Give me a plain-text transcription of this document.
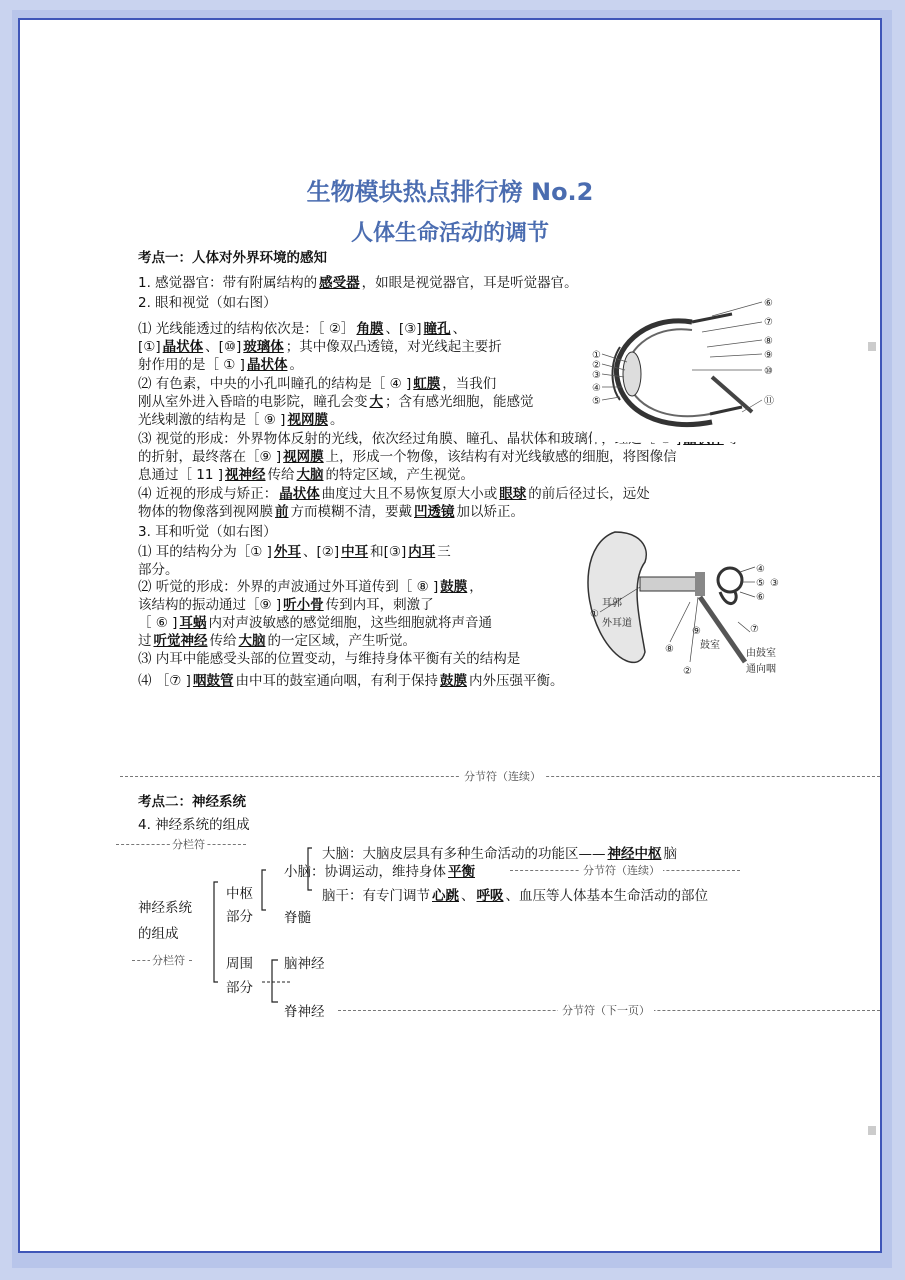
生物模块热点排行榜 No.2
人体生命活动的调节
考点一：人体对外界环境的感知
1. 感觉器官：带有附属结构的 感受器 ，如眼是视觉器官，耳是听觉器官。
2. 眼和视觉（如右图）
⑴ 光线能透过的结构依次是：［ ②］ 角膜 、[③] 瞳孔 、
[①] 晶状体 、[⑩] 玻璃体 ；其中像双凸透镜，对光线起主要折
射作用的是［ ① ] 晶状体 。
⑵ 有色素，中央的小孔叫瞳孔的结构是［ ④ ] 虹膜 ，当我们
刚从室外进入昏暗的电影院，瞳孔会变 大 ；含有感光细胞，能感觉
光线刺激的结构是［ ⑨ ] 视网膜 。
⑶ 视觉的形成：外界物体反射的光线，依次经过角膜、瞳孔、晶状体和玻璃体，经过［ ① ] 晶状体 等
的折射，最终落在［⑨ ] 视网膜 上，形成一个物像，该结构有对光线敏感的细胞，将图像信
息通过［ 11 ] 视神经 传给 大脑 的特定区域，产生视觉。
⑷ 近视的形成与矫正： 晶状体 曲度过大且不易恢复原大小或 眼球 的前后径过长，远处
物体的物像落到视网膜 前 方而模糊不清，要戴 凹透镜 加以矫正。
3. 耳和听觉（如右图）
⑴ 耳的结构分为［① ] 外耳 、[②] 中耳 和[③] 内耳 三
部分。
⑵ 听觉的形成：外界的声波通过外耳道传到［ ⑧ ] 鼓膜 ，
该结构的振动通过［⑨ ] 听小骨 传到内耳，刺激了
［ ⑥ ] 耳蜗 内对声波敏感的感觉细胞，这些细胞就将声音通
过 听觉神经 传给 大脑 的一定区域，产生听觉。
⑶ 内耳中能感受头部的位置变动，与维持身体平衡有关的结构是
⑷ ［⑦ ] 咽鼓管 由中耳的鼓室通向咽，有利于保持 鼓膜 内外压强平衡。
⑥
⑦
⑧
⑨
⑩
⑪
①
②
③
④
⑤
④
⑤
⑥
③
①
耳郭
外耳道
⑧
⑨
鼓室
②
⑦
由鼓室
通向咽
分节符（连续）
考点二：神经系统
4. 神经系统的组成
分栏符
分栏符
神经系统
的组成
中枢
部分
周围
部分
小脑：协调运动，维持身体 平衡
脊髓
大脑：大脑皮层具有多种生命活动的功能区—— 神经中枢 脑
脑干：有专门调节 心跳 、 呼吸 、血压等人体基本生命活动的部位
分节符（连续）
脑神经
脊神经	分节符（下一页）
